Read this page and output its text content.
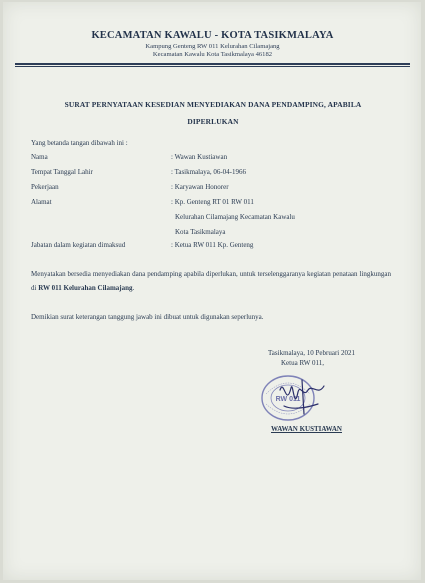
KECAMATAN KAWALU - KOTA TASIKMALAYA
Kampung Genteng RW 011 Kelurahan Cilamajang
Kecamatan Kawalu Kota Tasikmalaya 46182
SURAT PERNYATAAN KESEDIAN MENYEDIAKAN DANA PENDAMPING, APABILA
DIPERLUKAN
Yang betanda tangan dibawah ini :
Nama	: Wawan Kustiawan
Tempat Tanggal Lahir	: Tasikmalaya, 06-04-1966
Pekerjaan	: Karyawan Honorer
Alamat	: Kp. Genteng RT 01 RW 011
Kelurahan Cilamajang Kecamatan Kawalu
Kota Tasikmalaya
Jabatan dalam kegiatan dimaksud	: Ketua RW 011 Kp. Genteng
Menyatakan bersedia menyediakan dana pendamping apabila diperlukan, untuk terselenggaranya kegiatan penataan lingkungan di RW 011 Kelurahan Cilamajang.
Demikian surat keterangan tanggung jawab ini dibuat untuk digunakan seperlunya.
Tasikmalaya, 10 Pebruari 2021
Ketua RW 011,
RW 011
WAWAN KUSTIAWAN
